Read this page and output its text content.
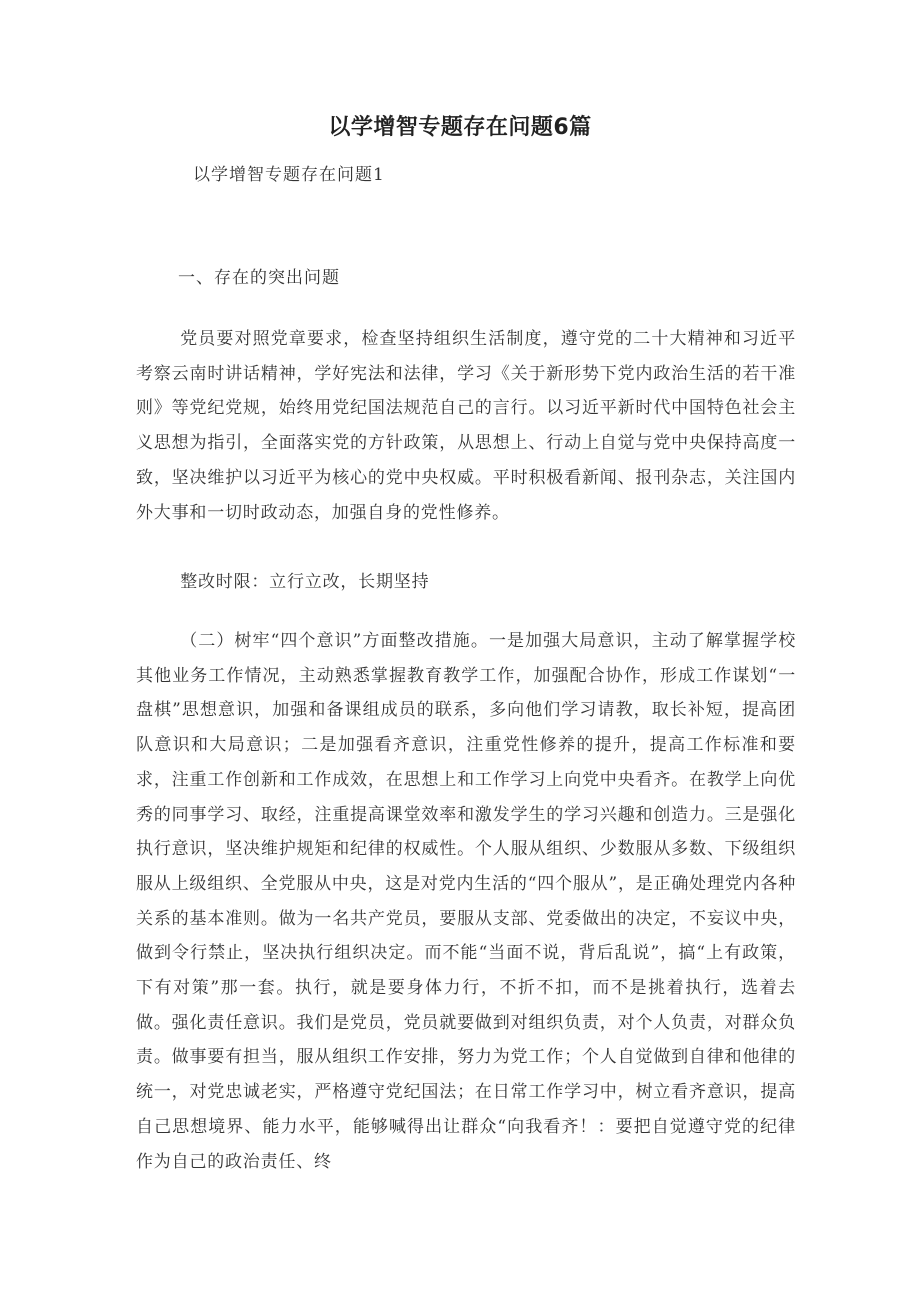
以学增智专题存在问题6篇
以学增智专题存在问题1
一、存在的突出问题

党员要对照党章要求，检查坚持组织生活制度，遵守党的二十大精神和习近平考察云南时讲话精神，学好宪法和法律，学习《关于新形势下党内政治生活的若干准则》等党纪党规，始终用党纪国法规范自己的言行。以习近平新时代中国特色社会主义思想为指引，全面落实党的方针政策，从思想上、行动上自觉与党中央保持高度一致，坚决维护以习近平为核心的党中央权威。平时积极看新闻、报刊杂志，关注国内外大事和一切时政动态，加强自身的党性修养。

整改时限：立行立改，长期坚持

（二）树牢“四个意识”方面整改措施。一是加强大局意识，主动了解掌握学校其他业务工作情况，主动熟悉掌握教育教学工作，加强配合协作，形成工作谋划“一盘棋”思想意识，加强和备课组成员的联系，多向他们学习请教，取长补短，提高团队意识和大局意识；二是加强看齐意识，注重党性修养的提升，提高工作标准和要求，注重工作创新和工作成效，在思想上和工作学习上向党中央看齐。在教学上向优秀的同事学习、取经，注重提高课堂效率和激发学生的学习兴趣和创造力。三是强化执行意识，坚决维护规矩和纪律的权威性。个人服从组织、少数服从多数、下级组织服从上级组织、全党服从中央，这是对党内生活的“四个服从”，是正确处理党内各种关系的基本准则。做为一名共产党员，要服从支部、党委做出的决定，不妄议中央，做到令行禁止，坚决执行组织决定。而不能“当面不说，背后乱说”，搞“上有政策，下有对策”那一套。执行，就是要身体力行，不折不扣，而不是挑着执行，选着去做。强化责任意识。我们是党员，党员就要做到对组织负责，对个人负责，对群众负责。做事要有担当，服从组织工作安排，努力为党工作；个人自觉做到自律和他律的统一，对党忠诚老实，严格遵守党纪国法；在日常工作学习中，树立看齐意识，提高自己思想境界、能力水平，能够喊得出让群众“向我看齐！：要把自觉遵守党的纪律作为自己的政治责任、终
